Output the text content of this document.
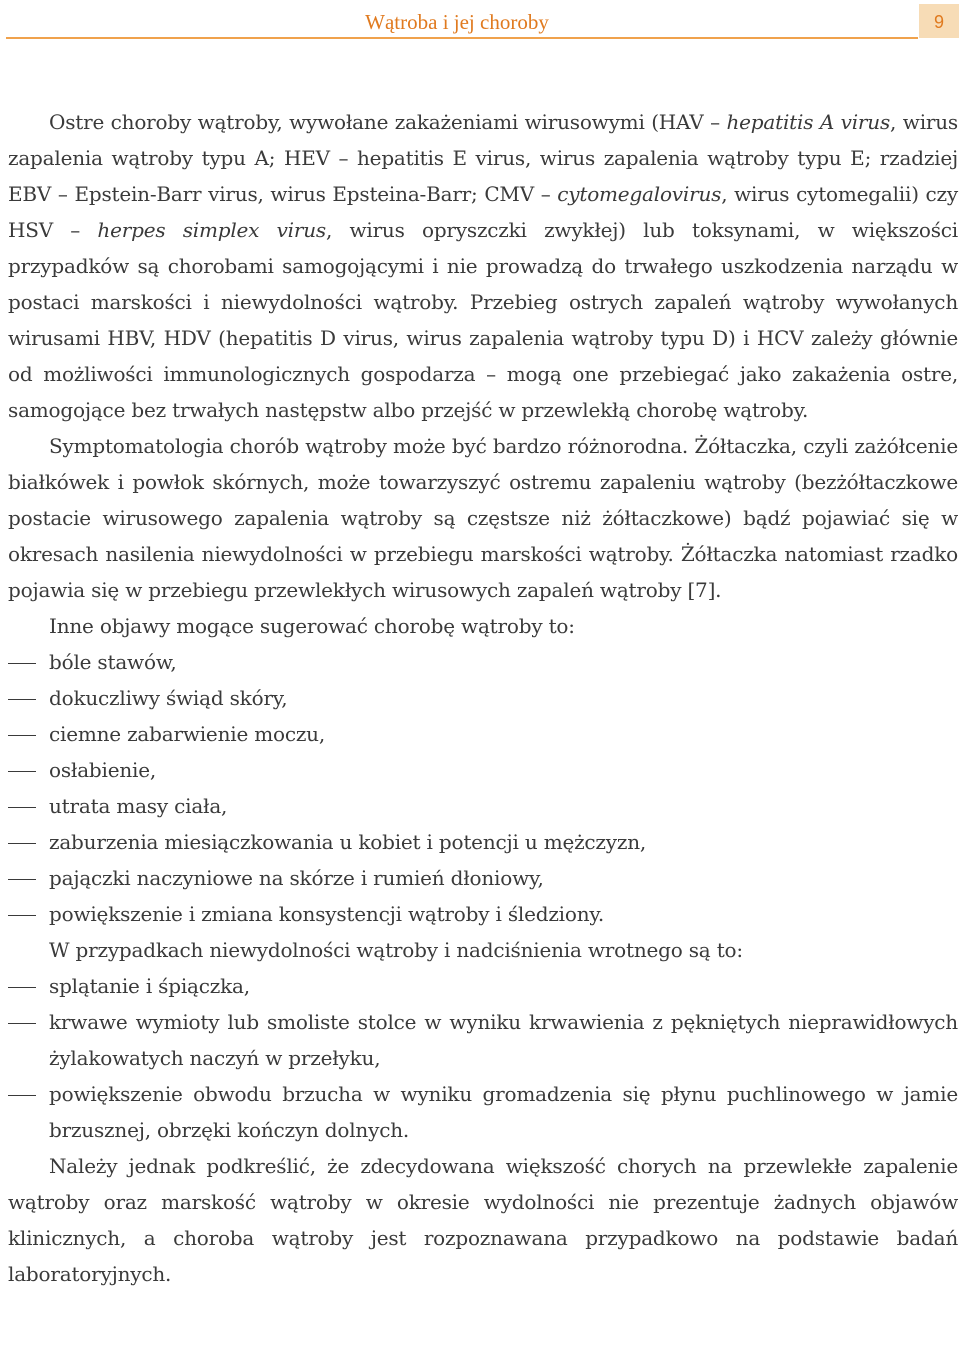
Wątroba i jej choroby	9

Ostre choroby wątroby, wywołane zakażeniami wirusowymi (HAV – hepatitis A virus, wirus zapalenia wątroby typu A; HEV – hepatitis E virus, wirus zapalenia wątroby typu E; rzadziej EBV – Epstein-Barr virus, wirus Epsteina-Barr; CMV – cytomegalovirus, wirus cytomegalii) czy HSV – herpes simplex virus, wirus opryszczki zwykłej) lub toksynami, w większości przypadków są chorobami samogojącymi i nie prowadzą do trwałego uszkodzenia narządu w postaci marskości i niewydolności wątroby. Przebieg ostrych zapaleń wątroby wywołanych wirusami HBV, HDV (hepatitis D virus, wirus zapalenia wątroby typu D) i HCV zależy głównie od możliwości immunologicznych gospodarza – mogą one przebiegać jako zakażenia ostre, samogojące bez trwałych następstw albo przejść w przewlekłą chorobę wątroby.

Symptomatologia chorób wątroby może być bardzo różnorodna. Żółtaczka, czyli zażółcenie białkówek i powłok skórnych, może towarzyszyć ostremu zapaleniu wątroby (bezżółtaczkowe postacie wirusowego zapalenia wątroby są częstsze niż żółtaczkowe) bądź pojawiać się w okresach nasilenia niewydolności w przebiegu marskości wątroby. Żółtaczka natomiast rzadko pojawia się w przebiegu przewlekłych wirusowych zapaleń wątroby [7].

Inne objawy mogące sugerować chorobę wątroby to:

bóle stawów,
dokuczliwy świąd skóry,
ciemne zabarwienie moczu,
osłabienie,
utrata masy ciała,
zaburzenia miesiączkowania u kobiet i potencji u mężczyzn,
pajączki naczyniowe na skórze i rumień dłoniowy,
powiększenie i zmiana konsystencji wątroby i śledziony.

W przypadkach niewydolności wątroby i nadciśnienia wrotnego są to:

splątanie i śpiączka,
krwawe wymioty lub smoliste stolce w wyniku krwawienia z pękniętych nieprawidłowych żylakowatych naczyń w przełyku,
powiększenie obwodu brzucha w wyniku gromadzenia się płynu puchlinowego w jamie brzusznej, obrzęki kończyn dolnych.

Należy jednak podkreślić, że zdecydowana większość chorych na przewlekłe zapalenie wątroby oraz marskość wątroby w okresie wydolności nie prezentuje żadnych objawów klinicznych, a choroba wątroby jest rozpoznawana przypadkowo na podstawie badań laboratoryjnych.
